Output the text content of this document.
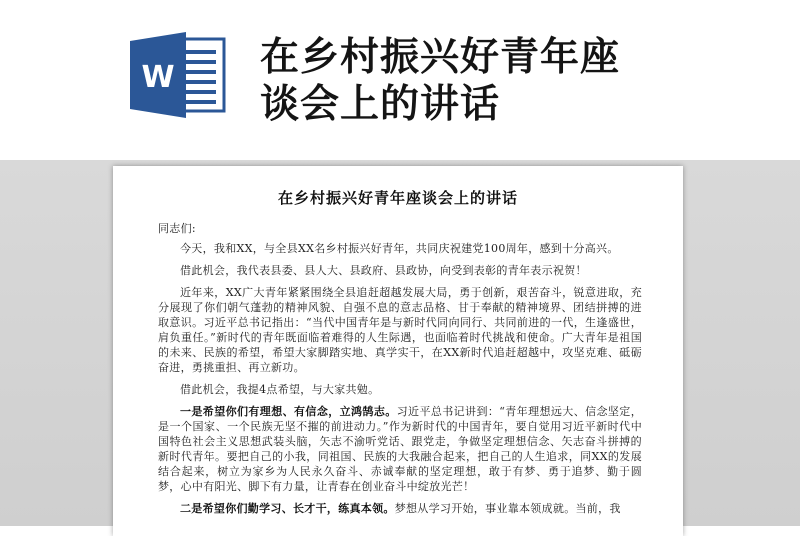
W 在乡村振兴好青年座
谈会上的讲话
在乡村振兴好青年座谈会上的讲话

同志们:

今天，我和XX，与全县XX名乡村振兴好青年，共同庆祝建党100周年，感到十分高兴。

借此机会，我代表县委、县人大、县政府、县政协，向受到表彰的青年表示祝贺！

近年来，XX广大青年紧紧围绕全县追赶超越发展大局，勇于创新，艰苦奋斗，锐意进取，充分展现了你们朝气蓬勃的精神风貌、自强不息的意志品格、甘于奉献的精神境界、团结拼搏的进取意识。习近平总书记指出：“当代中国青年是与新时代同向同行、共同前进的一代，生逢盛世，肩负重任。”新时代的青年既面临着难得的人生际遇，也面临着时代挑战和使命。广大青年是祖国的未来、民族的希望，希望大家脚踏实地、真学实干，在XX新时代追赶超越中，攻坚克难、砥砺奋进，勇挑重担、再立新功。

借此机会，我提4点希望，与大家共勉。

一是希望你们有理想、有信念，立鸿鹄志。习近平总书记讲到：“青年理想远大、信念坚定，是一个国家、一个民族无坚不摧的前进动力。”作为新时代的中国青年，要自觉用习近平新时代中国特色社会主义思想武装头脑，矢志不渝听党话、跟党走，争做坚定理想信念、矢志奋斗拼搏的新时代青年。要把自己的小我，同祖国、民族的大我融合起来，把自己的人生追求，同XX的发展结合起来，树立为家乡为人民永久奋斗、赤诚奉献的坚定理想，敢于有梦、勇于追梦、勤于圆梦，心中有阳光、脚下有力量，让青春在创业奋斗中绽放光芒！

二是希望你们勤学习、长才干，练真本领。梦想从学习开始，事业靠本领成就。当前，我
